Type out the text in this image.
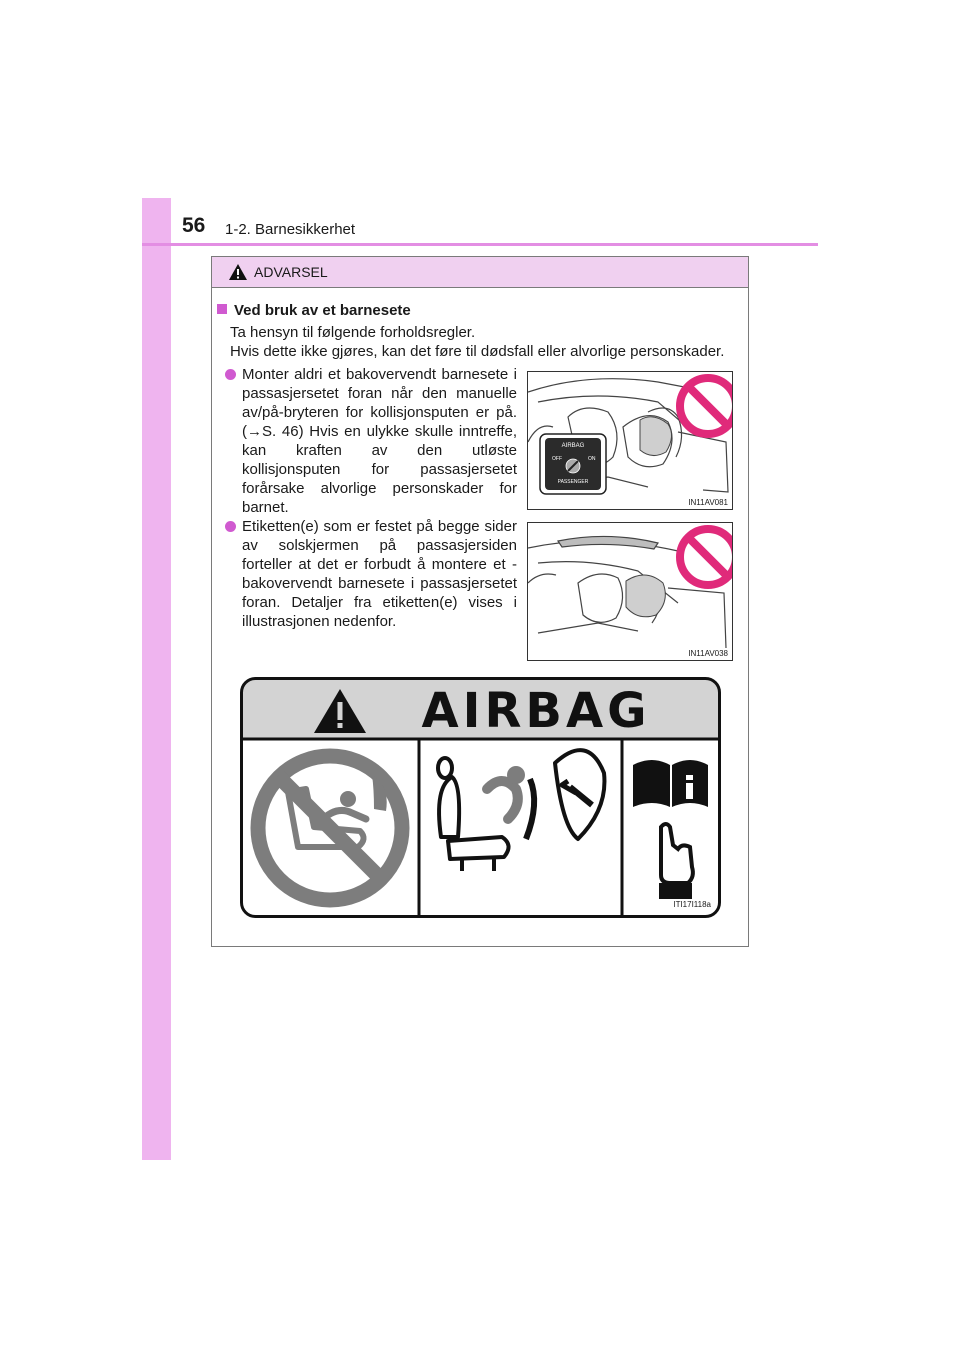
56 1-2. Barnesikkerhet
ADVARSEL
Ved bruk av et barnesete
Ta hensyn til følgende forholdsregler.
Hvis dette ikke gjøres, kan det føre til dødsfall eller alvorlige personskader.
Monter aldri et bakovervendt barnesete i passasjersetet foran når den manuelle av/på-bryteren for kollisjonsputen er på. (→S. 46) Hvis en ulykke skulle inntreffe, kan kraften av den utløste kollisjonsputen for passasjersetet forårsake alvorlige personskader for barnet.
Etiketten(e) som er festet på begge sider av solskjermen på passasjersiden forteller at det er forbudt å montere et -bakovervendt barnesete i passasjersetet foran. Detaljer fra etiketten(e) vises i illustrasjonen nedenfor.
AIRBAG
OFF	ON
PASSENGER
IN11AV081
IN11AV038
AIRBAG
ITI17I118a
